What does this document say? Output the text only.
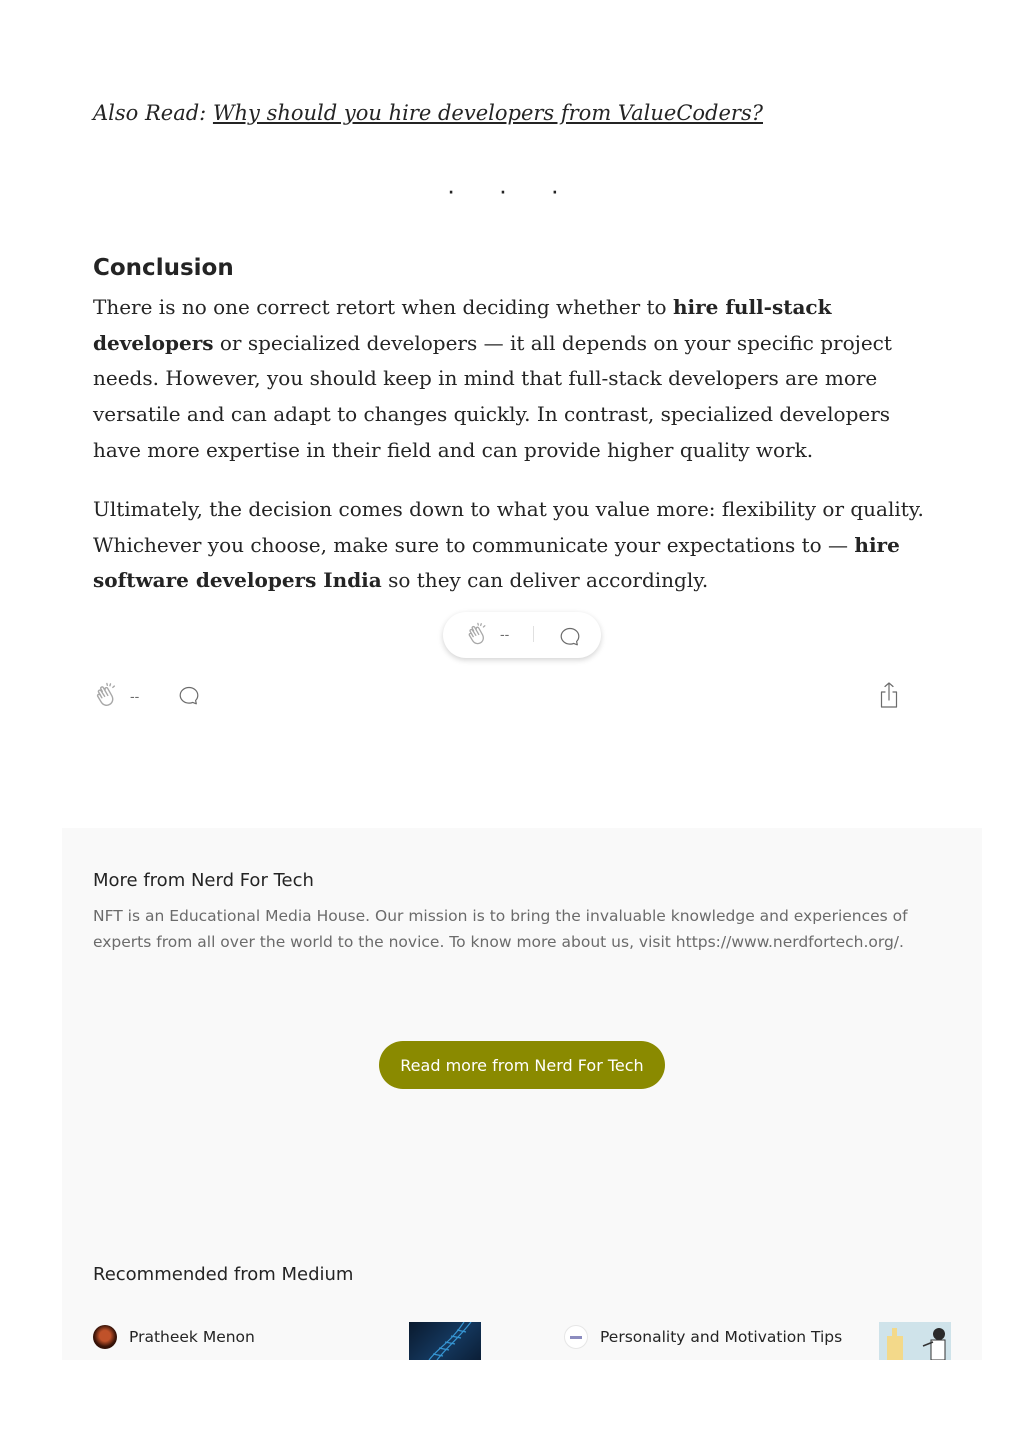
Also Read: Why should you hire developers from ValueCoders?
· · ·
Conclusion

There is no one correct retort when deciding whether to hire full-stack developers or specialized developers — it all depends on your specific project needs. However, you should keep in mind that full-stack developers are more versatile and can adapt to changes quickly. In contrast, specialized developers have more expertise in their field and can provide higher quality work.

Ultimately, the decision comes down to what you value more: flexibility or quality. Whichever you choose, make sure to communicate your expectations to — hire software developers India so they can deliver accordingly.

--
--
More from Nerd For Tech
NFT is an Educational Media House. Our mission is to bring the invaluable knowledge and experiences of experts from all over the world to the novice. To know more about us, visit https://www.nerdfortech.org/.
Read more from Nerd For Tech
Recommended from Medium
Pratheek Menon	Personality and Motivation Tips
